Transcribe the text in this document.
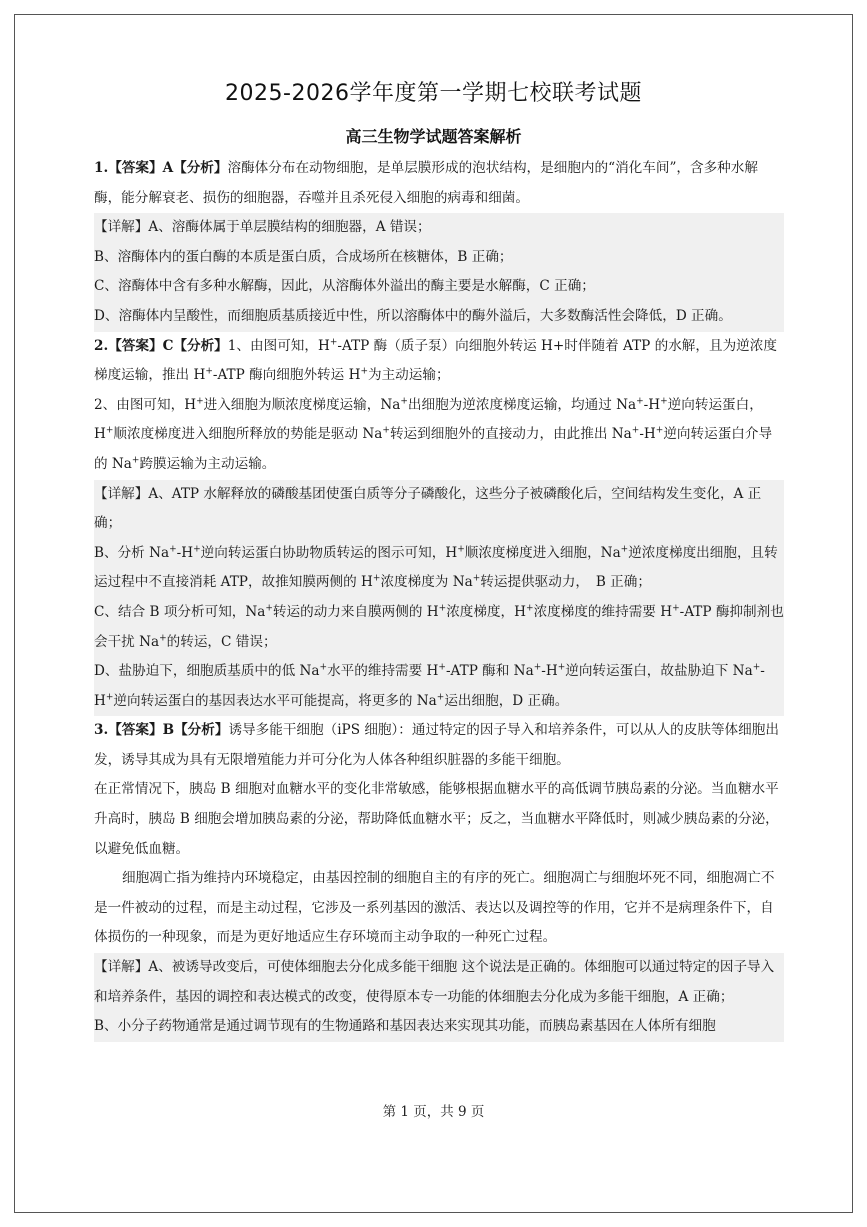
2025-2026学年度第一学期七校联考试题
高三生物学试题答案解析

1.【答案】A【分析】溶酶体分布在动物细胞，是单层膜形成的泡状结构，是细胞内的“消化车间”，含多种水解酶，能分解衰老、损伤的细胞器，吞噬并且杀死侵入细胞的病毒和细菌。

【详解】A、溶酶体属于单层膜结构的细胞器，A 错误；

B、溶酶体内的蛋白酶的本质是蛋白质，合成场所在核糖体，B 正确；

C、溶酶体中含有多种水解酶，因此，从溶酶体外溢出的酶主要是水解酶，C 正确；

D、溶酶体内呈酸性，而细胞质基质接近中性，所以溶酶体中的酶外溢后，大多数酶活性会降低，D 正确。

2.【答案】C【分析】1、由图可知，H+-ATP 酶（质子泵）向细胞外转运 H+时伴随着 ATP 的水解，且为逆浓度梯度运输，推出 H+-ATP 酶向细胞外转运 H+为主动运输；

2、由图可知，H+进入细胞为顺浓度梯度运输，Na+出细胞为逆浓度梯度运输，均通过 Na+-H+逆向转运蛋白，H+顺浓度梯度进入细胞所释放的势能是驱动 Na+转运到细胞外的直接动力，由此推出 Na+-H+逆向转运蛋白介导的 Na+跨膜运输为主动运输。

【详解】A、ATP 水解释放的磷酸基团使蛋白质等分子磷酸化，这些分子被磷酸化后，空间结构发生变化，A 正确；

B、分析 Na+-H+逆向转运蛋白协助物质转运的图示可知，H+顺浓度梯度进入细胞，Na+逆浓度梯度出细胞，且转运过程中不直接消耗 ATP，故推知膜两侧的 H+浓度梯度为 Na+转运提供驱动力，　B 正确；

C、结合 B 项分析可知，Na+转运的动力来自膜两侧的 H+浓度梯度，H+浓度梯度的维持需要 H+-ATP 酶抑制剂也会干扰 Na+的转运，C 错误；

D、盐胁迫下，细胞质基质中的低 Na+水平的维持需要 H+-ATP 酶和 Na+-H+逆向转运蛋白，故盐胁迫下 Na+-H+逆向转运蛋白的基因表达水平可能提高，将更多的 Na+运出细胞，D 正确。

3.【答案】B【分析】诱导多能干细胞（iPS 细胞）：通过特定的因子导入和培养条件，可以从人的皮肤等体细胞出发，诱导其成为具有无限增殖能力并可分化为人体各种组织脏器的多能干细胞。

在正常情况下，胰岛 B 细胞对血糖水平的变化非常敏感，能够根据血糖水平的高低调节胰岛素的分泌。当血糖水平升高时，胰岛 B 细胞会增加胰岛素的分泌，帮助降低血糖水平；反之，当血糖水平降低时，则减少胰岛素的分泌，以避免低血糖。

细胞凋亡指为维持内环境稳定，由基因控制的细胞自主的有序的死亡。细胞凋亡与细胞坏死不同，细胞凋亡不是一件被动的过程，而是主动过程，它涉及一系列基因的激活、表达以及调控等的作用，它并不是病理条件下，自体损伤的一种现象，而是为更好地适应生存环境而主动争取的一种死亡过程。

【详解】A、被诱导改变后，可使体细胞去分化成多能干细胞 这个说法是正确的。体细胞可以通过特定的因子导入和培养条件，基因的调控和表达模式的改变，使得原本专一功能的体细胞去分化成为多能干细胞，A 正确；

B、小分子药物通常是通过调节现有的生物通路和基因表达来实现其功能，而胰岛素基因在人体所有细胞

第 1 页，共 9 页
